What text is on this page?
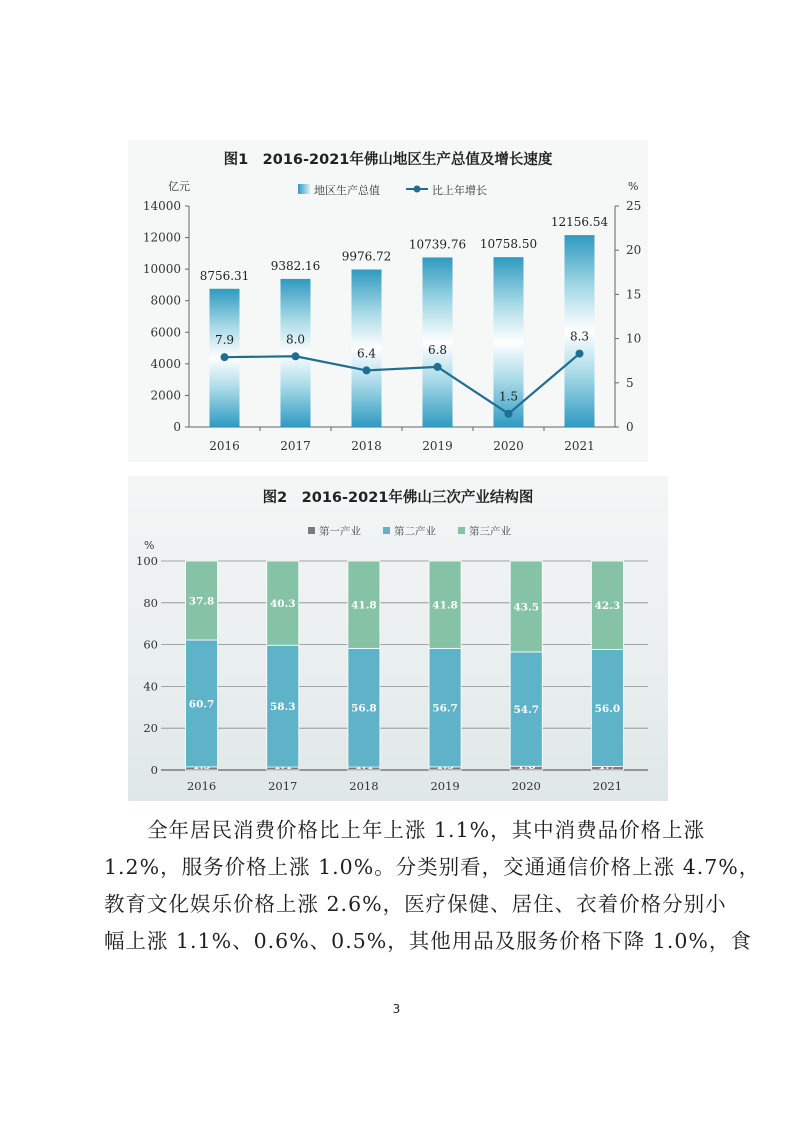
图1　2016-2021年佛山地区生产总值及增长速度
亿元	%
地区生产总值	比上年增长
0
2000
4000
6000
8000
10000
12000
14000
0
5
10
15
20
25
2016	2017	2018	2019	2020	2021
8756.31
9382.16
9976.72
10739.76 10758.50
12156.54
7.9	8.0
6.4	6.8
1.5
8.3
图2　2016-2021年佛山三次产业结构图
第一产业	第二产业	第三产业
%
0
20
40
60
80
100
2016	2017	2018	2019	2020	2021
60.7
37.8
58.3
40.3
56.8
41.8
56.7
41.8
54.7
43.5
56.0
42.3

　　全年居民消费价格比上年上涨 1.1%，其中消费品价格上涨

1.2%，服务价格上涨 1.0%。分类别看，交通通信价格上涨 4.7%，

教育文化娱乐价格上涨 2.6%，医疗保健、居住、衣着价格分别小

幅上涨 1.1%、0.6%、0.5%，其他用品及服务价格下降 1.0%，食

3
